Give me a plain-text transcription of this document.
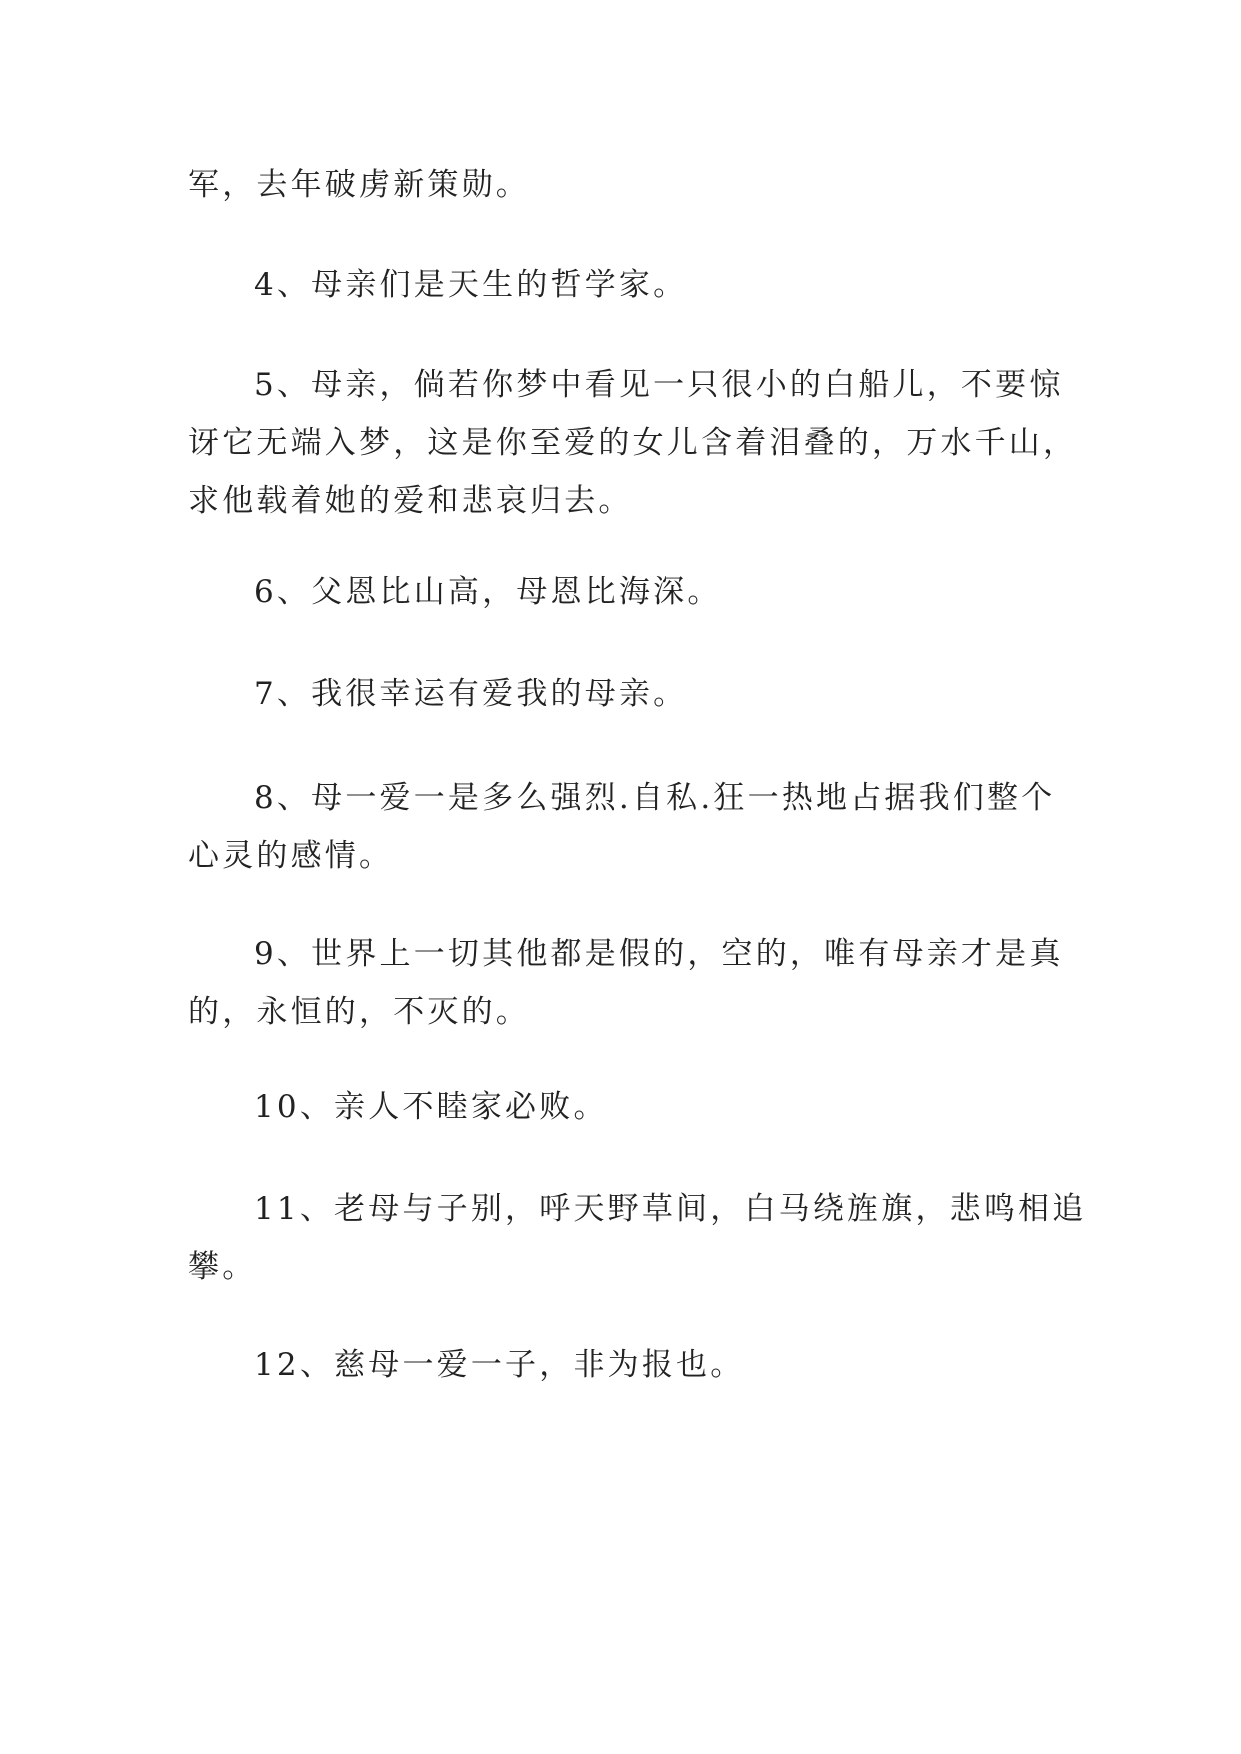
军，去年破虏新策勋。

4、母亲们是天生的哲学家。

5、母亲，倘若你梦中看见一只很小的白船儿，不要惊
讶它无端入梦，这是你至爱的女儿含着泪叠的，万水千山，
求他载着她的爱和悲哀归去。

6、父恩比山高，母恩比海深。

7、我很幸运有爱我的母亲。

8、母一爱一是多么强烈.自私.狂一热地占据我们整个
心灵的感情。

9、世界上一切其他都是假的，空的，唯有母亲才是真
的，永恒的，不灭的。

10、亲人不睦家必败。

11、老母与子别，呼天野草间，白马绕旌旗，悲鸣相追
攀。

12、慈母一爱一子，非为报也。
